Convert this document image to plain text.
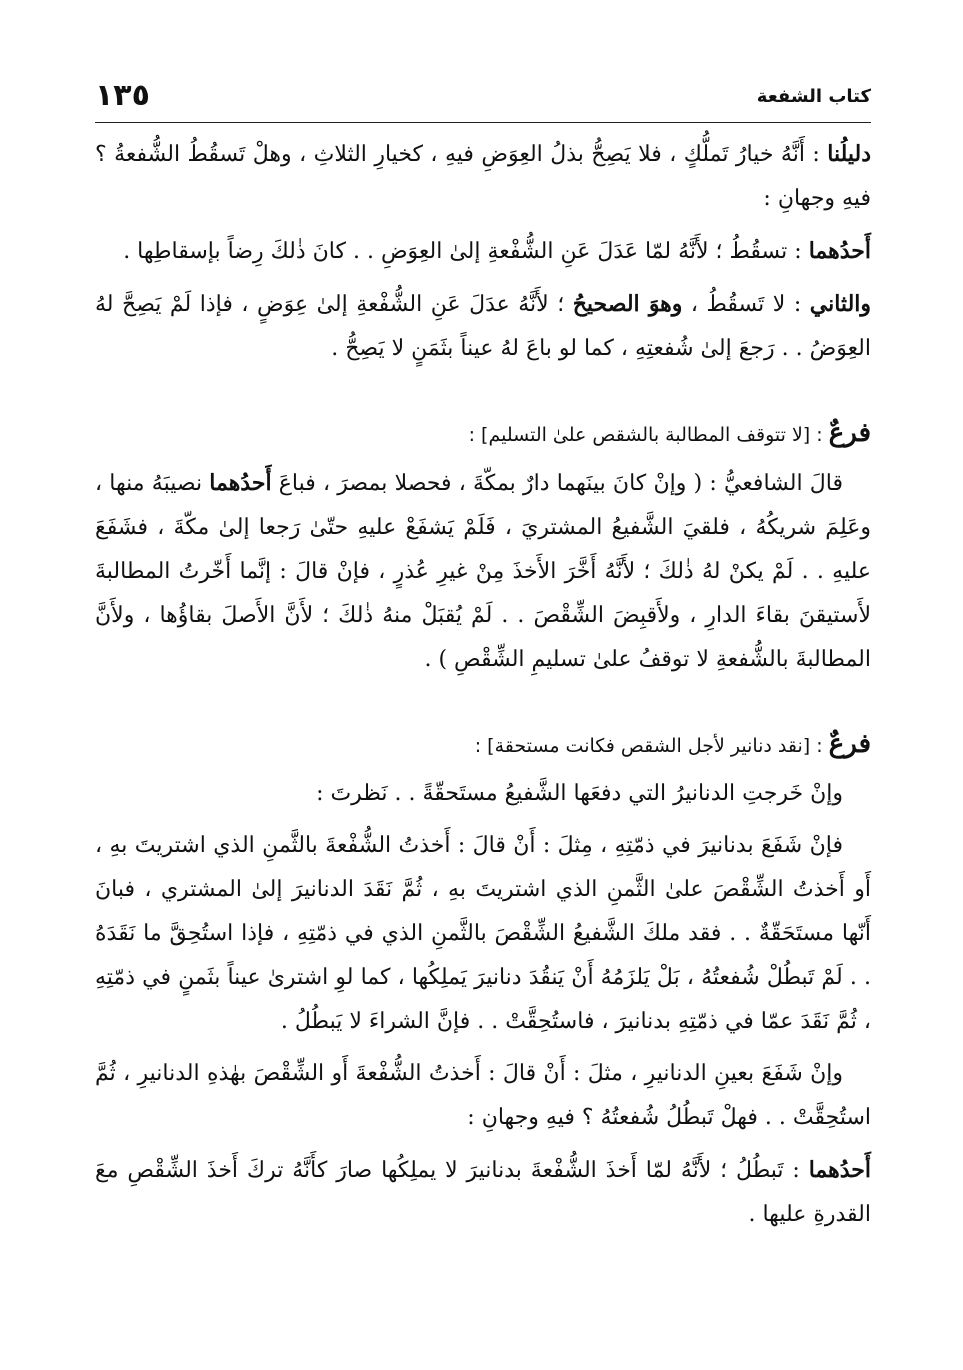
كتاب الشفعة
١٣٥

دليلُنا : أَنَّهُ خيارُ تَملُّكٍ ، فلا يَصِحُّ بذلُ العِوَضِ فيهِ ، كخيارِ الثلاثِ ، وهلْ تَسقُطُ الشُّفعةُ ؟ فيهِ وجهانِ :

أَحدُهما : تسقُطُ ؛ لأَنَّهُ لمّا عَدَلَ عَنِ الشُّفْعةِ إلىٰ العِوَضِ . . كانَ ذٰلكَ رِضاً بإسقاطِها .

والثاني : لا تَسقُطُ ، وهوَ الصحيحُ ؛ لأَنَّهُ عدَلَ عَنِ الشُّفْعةِ إلىٰ عِوَضٍ ، فإذا لَمْ يَصِحَّ لهُ العِوَضُ . . رَجعَ إلىٰ شُفعتِهِ ، كما لو باعَ لهُ عيناً بثَمَنٍ لا يَصِحُّ .

فرعٌ : [لا تتوقف المطالبة بالشقص علىٰ التسليم] :

قالَ الشافعيُّ : ( وإنْ كانَ بينَهما دارٌ بمكّةَ ، فحصلا بمصرَ ، فباعَ أَحدُهما نصيبَهُ منها ، وعَلِمَ شريكُهُ ، فلقيَ الشَّفيعُ المشتريَ ، فَلَمْ يَشفَعْ عليهِ حتّىٰ رَجعا إلىٰ مكّةَ ، فشَفَعَ عليهِ . . لَمْ يكنْ لهُ ذٰلكَ ؛ لأَنَّهُ أَخَّرَ الأَخذَ مِنْ غيرِ عُذرٍ ، فإنْ قالَ : إنَّما أَخّرتُ المطالبةَ لأَستيقنَ بقاءَ الدارِ ، ولأَقبِضَ الشِّقْصَ . . لَمْ يُقبَلْ منهُ ذٰلكَ ؛ لأَنَّ الأَصلَ بقاؤُها ، ولأَنَّ المطالبةَ بالشُّفعةِ لا توقفُ علىٰ تسليمِ الشِّقْصِ ) .

فرعٌ : [نقد دنانير لأجل الشقص فكانت مستحقة] :

وإنْ خَرجتِ الدنانيرُ التي دفعَها الشَّفيعُ مستَحقّةً . . نَظرتَ :

فإنْ شَفَعَ بدنانيرَ في ذمّتِهِ ، مِثلَ : أَنْ قالَ : أَخذتُ الشُّفْعةَ بالثَّمنِ الذي اشتريتَ بهِ ، أَو أَخذتُ الشِّقْصَ علىٰ الثَّمنِ الذي اشتريتَ بهِ ، ثُمَّ نَقَدَ الدنانيرَ إلىٰ المشتري ، فبانَ أَنّها مستَحَقّةٌ . . فقد ملكَ الشَّفيعُ الشِّقْصَ بالثَّمنِ الذي في ذمّتِهِ ، فإذا استُحِقَّ ما نَقَدَهُ . . لَمْ تَبطُلْ شُفعتُهُ ، بَلْ يَلزَمُهُ أَنْ يَنقُدَ دنانيرَ يَملِكُها ، كما لوِ اشترىٰ عيناً بثَمنٍ في ذمّتِهِ ، ثُمَّ نَقَدَ عمّا في ذمّتِهِ بدنانيرَ ، فاستُحِقَّتْ . . فإنَّ الشراءَ لا يَبطُلُ .

وإنْ شَفَعَ بعينِ الدنانيرِ ، مثلَ : أَنْ قالَ : أَخذتُ الشُّفْعةَ أَو الشِّقْصَ بهٰذهِ الدنانيرِ ، ثُمَّ استُحِقَّتْ . . فهلْ تَبطُلُ شُفعتُهُ ؟ فيهِ وجهانِ :

أَحدُهما : تَبطُلُ ؛ لأَنَّهُ لمّا أَخذَ الشُّفْعةَ بدنانيرَ لا يملِكُها صارَ كأَنَّهُ تركَ أَخذَ الشِّقْصِ معَ القدرةِ عليها .
